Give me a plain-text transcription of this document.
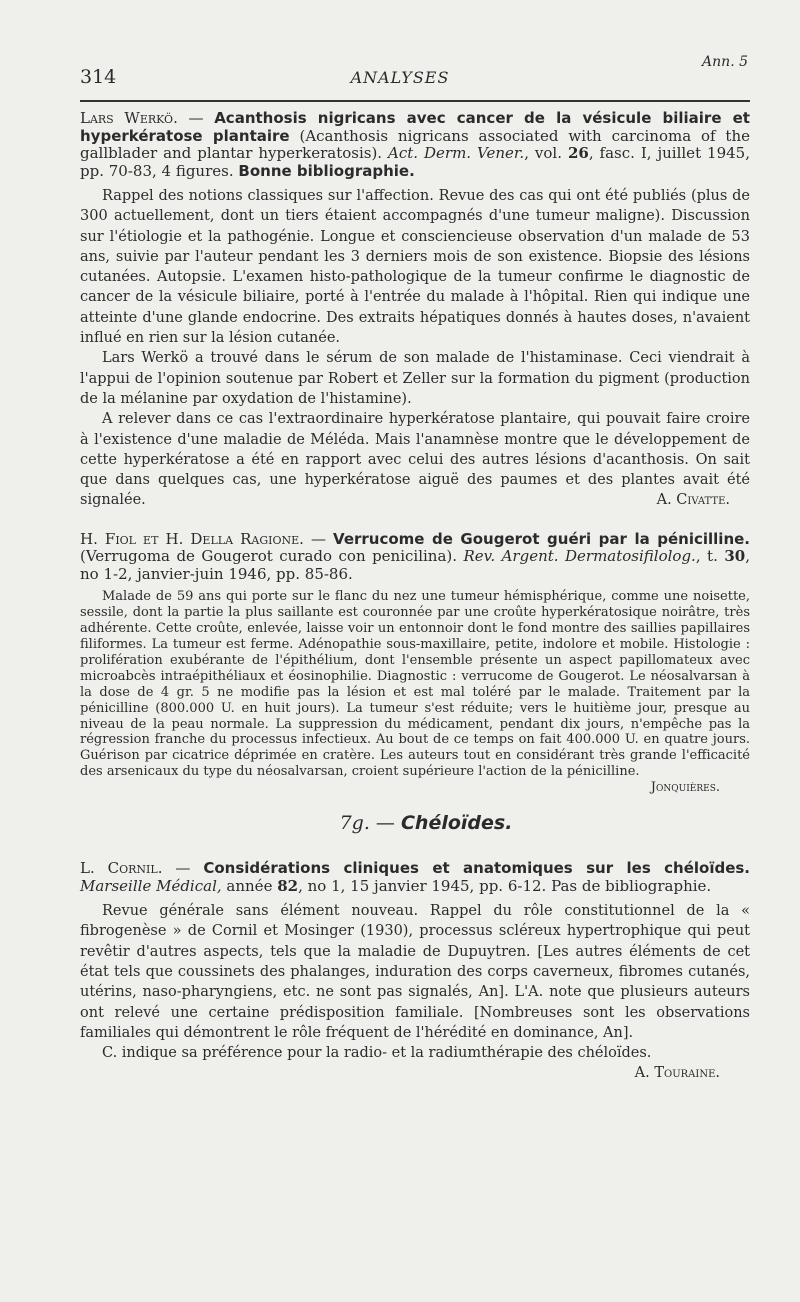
Ann. 5
314	ANALYSES

Lars Werkö. — Acanthosis nigricans avec cancer de la vésicule biliaire et hyperkératose plantaire (Acanthosis nigricans associated with carcinoma of the gallblader and plantar hyperkeratosis). Act. Derm. Vener., vol. 26, fasc. I, juillet 1945, pp. 70-83, 4 figures. Bonne bibliographie.

Rappel des notions classiques sur l'affection. Revue des cas qui ont été publiés (plus de 300 actuellement, dont un tiers étaient accompagnés d'une tumeur maligne). Discussion sur l'étiologie et la pathogénie. Longue et consciencieuse observation d'un malade de 53 ans, suivie par l'auteur pendant les 3 derniers mois de son existence. Biopsie des lésions cutanées. Autopsie. L'examen histo-pathologique de la tumeur confirme le diagnostic de cancer de la vésicule biliaire, porté à l'entrée du malade à l'hôpital. Rien qui indique une atteinte d'une glande endocrine. Des extraits hépatiques donnés à hautes doses, n'avaient influé en rien sur la lésion cutanée.

Lars Werkö a trouvé dans le sérum de son malade de l'histaminase. Ceci viendrait à l'appui de l'opinion soutenue par Robert et Zeller sur la formation du pigment (production de la mélanine par oxydation de l'histamine).

A relever dans ce cas l'extraordinaire hyperkératose plantaire, qui pouvait faire croire à l'existence d'une maladie de Méléda. Mais l'anamnèse montre que le développement de cette hyperkératose a été en rapport avec celui des autres lésions d'acanthosis. On sait que dans quelques cas, une hyperkératose aiguë des paumes et des plantes avait été signalée.	A. Civatte.

H. Fiol et H. Della Ragione. — Verrucome de Gougerot guéri par la pénicilline. (Verrugoma de Gougerot curado con penicilina). Rev. Argent. Dermatosifilolog., t. 30, no 1-2, janvier-juin 1946, pp. 85-86.

Malade de 59 ans qui porte sur le flanc du nez une tumeur hémisphérique, comme une noisette, sessile, dont la partie la plus saillante est couronnée par une croûte hyperkératosique noirâtre, très adhérente. Cette croûte, enlevée, laisse voir un entonnoir dont le fond montre des saillies papillaires filiformes. La tumeur est ferme. Adénopathie sous-maxillaire, petite, indolore et mobile. Histologie : prolifération exubérante de l'épithélium, dont l'ensemble présente un aspect papillomateux avec microabcès intraépithéliaux et éosinophilie. Diagnostic : verrucome de Gougerot. Le néosalvarsan à la dose de 4 gr. 5 ne modifie pas la lésion et est mal toléré par le malade. Traitement par la pénicilline (800.000 U. en huit jours). La tumeur s'est réduite; vers le huitième jour, presque au niveau de la peau normale. La suppression du médicament, pendant dix jours, n'empêche pas la régression franche du processus infectieux. Au bout de ce temps on fait 400.000 U. en quatre jours. Guérison par cicatrice déprimée en cratère. Les auteurs tout en considérant très grande l'efficacité des arsenicaux du type du néosalvarsan, croient supérieure l'action de la pénicilline.

Jonquières.

7g. — Chéloïdes.

L. Cornil. — Considérations cliniques et anatomiques sur les chéloïdes. Marseille Médical, année 82, no 1, 15 janvier 1945, pp. 6-12. Pas de bibliographie.

Revue générale sans élément nouveau. Rappel du rôle constitutionnel de la « fibrogenèse » de Cornil et Mosinger (1930), processus scléreux hypertrophique qui peut revêtir d'autres aspects, tels que la maladie de Dupuytren. [Les autres éléments de cet état tels que coussinets des phalanges, induration des corps caverneux, fibromes cutanés, utérins, naso-pharyngiens, etc. ne sont pas signalés, An]. L'A. note que plusieurs auteurs ont relevé une certaine prédisposition familiale. [Nombreuses sont les observations familiales qui démontrent le rôle fréquent de l'hérédité en dominance, An].

C. indique sa préférence pour la radio- et la radiumthérapie des chéloïdes.

A. Touraine.
